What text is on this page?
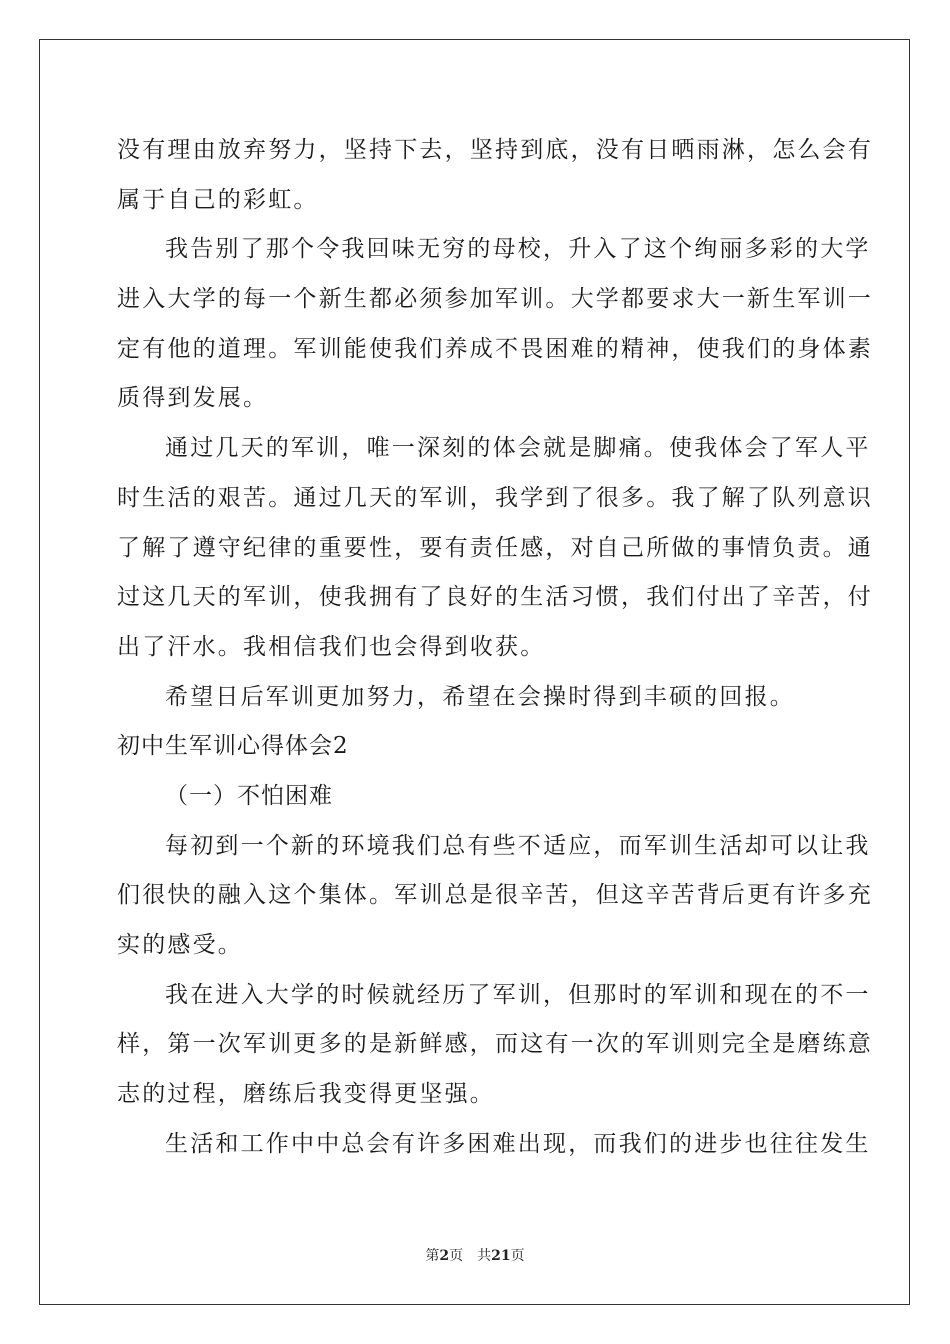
没有理由放弃努力，坚持下去，坚持到底，没有日晒雨淋，怎么会有
属于自己的彩虹。
我告别了那个令我回味无穷的母校，升入了这个绚丽多彩的大学
进入大学的每一个新生都必须参加军训。大学都要求大一新生军训一
定有他的道理。军训能使我们养成不畏困难的精神，使我们的身体素
质得到发展。
通过几天的军训，唯一深刻的体会就是脚痛。使我体会了军人平
时生活的艰苦。通过几天的军训，我学到了很多。我了解了队列意识
了解了遵守纪律的重要性，要有责任感，对自己所做的事情负责。通
过这几天的军训，使我拥有了良好的生活习惯，我们付出了辛苦，付
出了汗水。我相信我们也会得到收获。
希望日后军训更加努力，希望在会操时得到丰硕的回报。
初中生军训心得体会2
（一）不怕困难
每初到一个新的环境我们总有些不适应，而军训生活却可以让我
们很快的融入这个集体。军训总是很辛苦，但这辛苦背后更有许多充
实的感受。
我在进入大学的时候就经历了军训，但那时的军训和现在的不一
样，第一次军训更多的是新鲜感，而这有一次的军训则完全是磨练意
志的过程，磨练后我变得更坚强。
生活和工作中中总会有许多困难出现，而我们的进步也往往发生
第2页　共21页
